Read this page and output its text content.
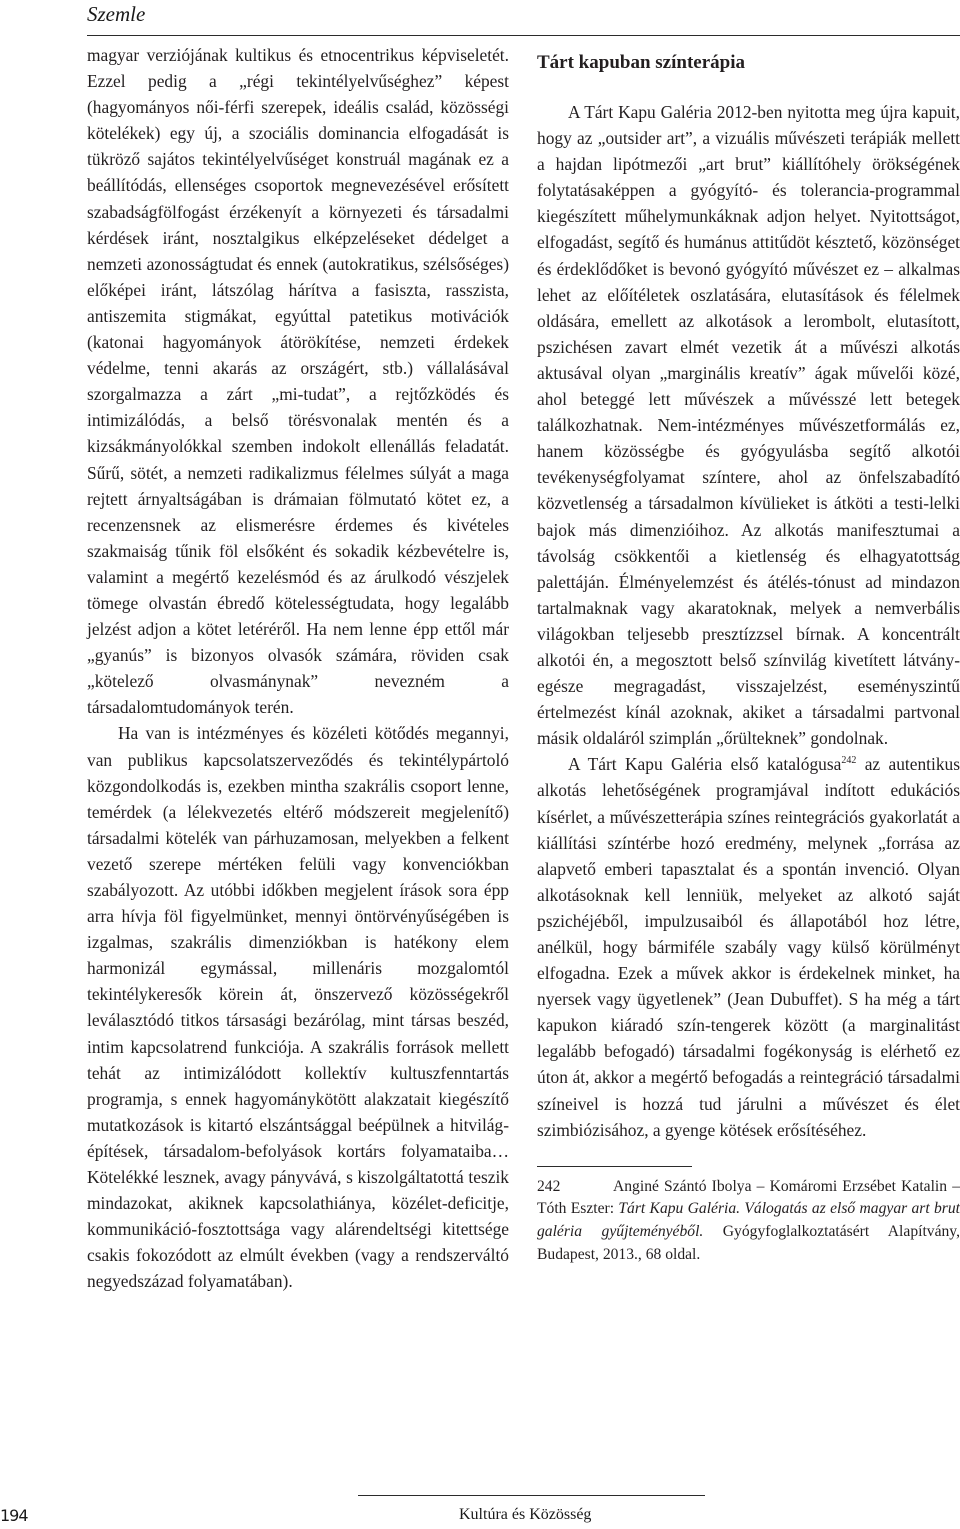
Szemle

magyar verziójának kultikus és etnocentrikus képviseletét. Ezzel pedig a „régi tekintélyelvűséghez” képest (hagyományos női-férfi szerepek, ideális család, közösségi kötelékek) egy új, a szociális dominancia elfogadását is tükröző sajátos tekintélyelvűséget konstruál magának ez a beállítódás, ellenséges csoportok megnevezésével erősített szabadságfölfogást érzékenyít a környezeti és társadalmi kérdések iránt, nosztalgikus elképzeléseket dédelget a nemzeti azonosságtudat és ennek (autokratikus, szélsőséges) előképei iránt, látszólag hárítva a fasiszta, rasszista, antiszemita stigmákat, egyúttal patetikus motivációk (katonai hagyományok átörökítése, nemzeti érdekek védelme, tenni akarás az országért, stb.) vállalásával szorgalmazza a zárt „mi-tudat”, a rejtőzködés és intimizálódás, a belső törésvonalak mentén és a kizsákmányolókkal szemben indokolt ellenállás feladatát. Sűrű, sötét, a nemzeti radikalizmus félelmes súlyát a maga rejtett árnyaltságában is drámaian fölmutató kötet ez, a recenzensnek az elismerésre érdemes és kivételes szakmaiság tűnik föl elsőként és sokadik kézbevételre is, valamint a megértő kezelésmód és az árulkodó vészjelek tömege olvastán ébredő kötelességtudata, hogy legalább jelzést adjon a kötet letéréről. Ha nem lenne épp ettől már „gyanús” is bizonyos olvasók számára, röviden csak „kötelező olvasmánynak” nevezném a társadalomtudományok terén.

Ha van is intézményes és közéleti kötődés megannyi, van publikus kapcsolatszerveződés és tekintélypártoló közgondolkodás is, ezekben mintha szakrális csoport lenne, temérdek (a lélekvezetés eltérő módszereit megjelenítő) társadalmi kötelék van párhuzamosan, melyekben a felkent vezető szerepe mértéken felüli vagy konvenciókban szabályozott. Az utóbbi időkben megjelent írások sora épp arra hívja föl figyelmünket, mennyi öntörvényűségében is izgalmas, szakrális dimenziókban is hatékony elem harmonizál egymással, millenáris mozgalomtól tekintélykeresők körein át, önszervező közösségekről leválasztódó titkos társasági bezárólag, mint társas beszéd, intim kapcsolatrend funkciója. A szakrális források mellett tehát az intimizálódott kollektív kultuszfenntartás programja, s ennek hagyománykötött alakzatait kiegészítő mutatkozások is kitartó elszántsággal beépülnek a hitvilág-építések, társadalom-befolyások kortárs folyamataiba… Kötelékké lesznek, avagy pányvává, s kiszolgáltatottá teszik mindazokat, akiknek kapcsolathiánya, közélet-deficitje, kommunikáció-fosztottsága vagy alárendeltségi kitettsége csakis fokozódott az elmúlt években (vagy a rendszerváltó negyedszázad folyamatában).

Tárt kapuban színterápia

A Tárt Kapu Galéria 2012-ben nyitotta meg újra kapuit, hogy az „outsider art”, a vizuális művészeti terápiák mellett a hajdan lipótmezői „art brut” kiállítóhely örökségének folytatásaképpen a gyógyító- és tolerancia-programmal kiegészített műhelymunkáknak adjon helyet. Nyitottságot, elfogadást, segítő és humánus attitűdöt késztető, közönséget és érdeklődőket is bevonó gyógyító művészet ez – alkalmas lehet az előítéletek oszlatására, elutasítások és félelmek oldására, emellett az alkotások a lerombolt, elutasított, pszichésen zavart elmét vezetik át a művészi alkotás aktusával olyan „marginális kreatív” ágak művelői közé, ahol beteggé lett művészek a művésszé lett betegek találkozhatnak. Nem-intézményes művészetformálás ez, hanem közösségbe és gyógyulásba segítő alkotói tevékenységfolyamat színtere, ahol az önfelszabadító közvetlenség a társadalmon kívülieket is átköti a testi-lelki bajok más dimenzióihoz. Az alkotás manifesztumai a távolság csökkentői a kietlenség és elhagyatottság palettáján. Élményelemzést és átélés-tónust ad mindazon tartalmaknak vagy akaratoknak, melyek a nemverbális világokban teljesebb presztízzsel bírnak. A koncentrált alkotói én, a megosztott belső színvilág kivetített látvány-egésze megragadást, visszajelzést, eseményszintű értelmezést kínál azoknak, akiket a társadalmi partvonal másik oldaláról szimplán „őrülteknek” gondolnak.

A Tárt Kapu Galéria első katalógusa$^{242}$ az autentikus alkotás lehetőségének programjával indított edukációs kísérlet, a művészetterápia színes reintegrációs gyakorlatát a kiállítási színtérbe hozó eredmény, melynek „forrása az alapvető emberi tapasztalat és a spontán invenció. Olyan alkotásoknak kell lenniük, melyeket az alkotó saját pszichéjéből, impulzusaiból és állapotából hoz létre, anélkül, hogy bármiféle szabály vagy külső körülményt elfogadna. Ezek a művek akkor is érdekelnek minket, ha nyersek vagy ügyetlenek” (Jean Dubuffet). S ha még a tárt kapukon kiáradó szín-tengerek között (a marginalitást legalább befogadó) társadalmi fogékonyság is elérhető ez úton át, akkor a megértő befogadás a reintegráció társadalmi színeivel is hozzá tud járulni a művészet és élet szimbiózisához, a gyenge kötések erősítéséhez.

242	Anginé Szántó Ibolya – Komáromi Erzsébet Katalin – Tóth Eszter: Tárt Kapu Galéria. Válogatás az első magyar art brut galéria gyűjteményéből. Gyógyfoglalkoztatásért Alapítvány, Budapest, 2013., 68 oldal.
194	Kultúra és Közösség
